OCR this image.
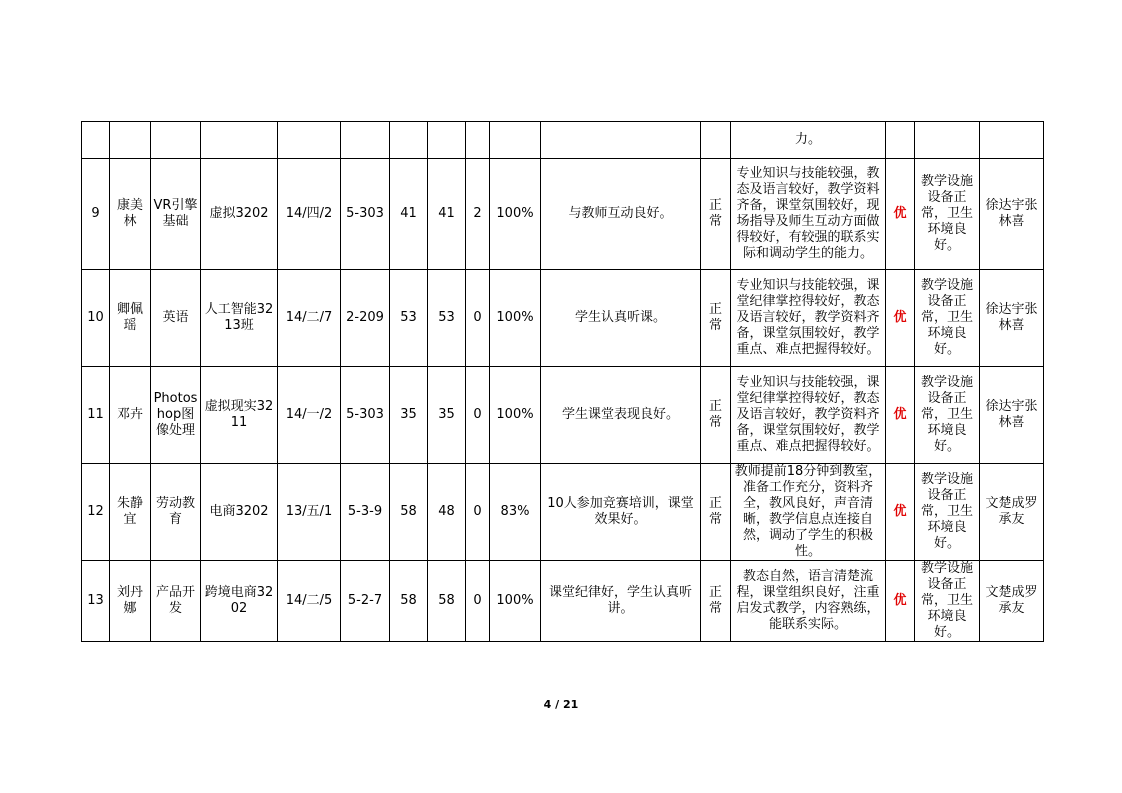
												力。			
9	康美林	VR引擎基础	虚拟3202	14/四/2	5-303	41	41	2	100%	与教师互动良好。	正常	专业知识与技能较强，教态及语言较好，教学资料齐备，课堂氛围较好，现场指导及师生互动方面做得较好，有较强的联系实际和调动学生的能力。	优	教学设施设备正常，卫生环境良好。	徐达宇张林喜
10	卿佩瑶	英语	人工智能3213班	14/二/7	2-209	53	53	0	100%	学生认真听课。	正常	专业知识与技能较强，课堂纪律掌控得较好，教态及语言较好，教学资料齐备，课堂氛围较好，教学重点、难点把握得较好。	优	教学设施设备正常，卫生环境良好。	徐达宇张林喜
11	邓卉	Photoshop图像处理	虚拟现实3211	14/一/2	5-303	35	35	0	100%	学生课堂表现良好。	正常	专业知识与技能较强，课堂纪律掌控得较好，教态及语言较好，教学资料齐备，课堂氛围较好，教学重点、难点把握得较好。	优	教学设施设备正常，卫生环境良好。	徐达宇张林喜
12	朱静宜	劳动教育	电商3202	13/五/1	5-3-9	58	48	0	83%	10人参加竞赛培训，课堂效果好。	正常	教师提前18分钟到教室，准备工作充分，资料齐全，教风良好，声音清晰，教学信息点连接自然，调动了学生的积极性。	优	教学设施设备正常，卫生环境良好。	文楚成罗承友
13	刘丹娜	产品开发	跨境电商3202	14/二/5	5-2-7	58	58	0	100%	课堂纪律好，学生认真听讲。	正常	教态自然，语言清楚流程，课堂组织良好，注重启发式教学，内容熟练，能联系实际。	优	教学设施设备正常，卫生环境良好。	文楚成罗承友
4 / 21
